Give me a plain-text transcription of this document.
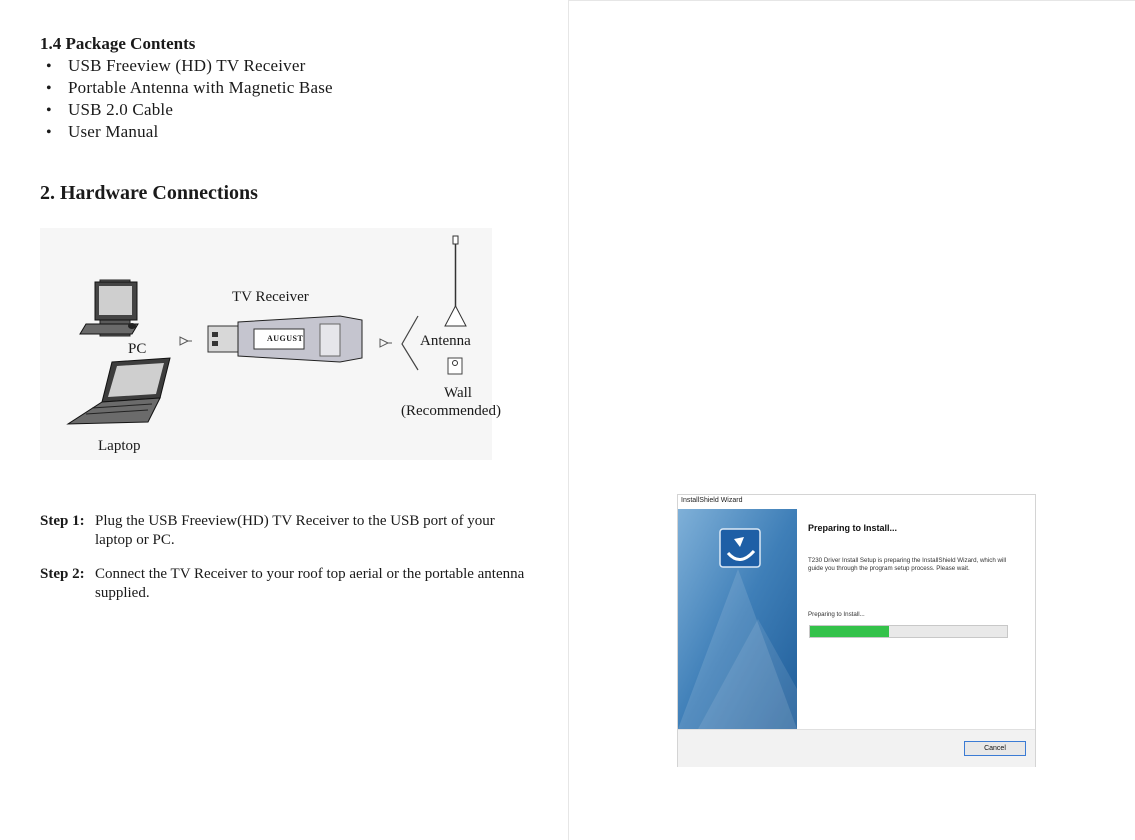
1.4 Package Contents
• USB Freeview (HD) TV Receiver
• Portable Antenna with Magnetic Base
• USB 2.0 Cable
• User Manual
2. Hardware Connections
PC
Laptop
TV Receiver
AUGUST	Antenna
Wall
(Recommended)
Step 1: Plug the USB Freeview(HD) TV Receiver to the USB port of your laptop or PC.
Step 2: Connect the TV Receiver to your roof top aerial or the portable antenna supplied.
InstallShield Wizard
Preparing to Install...
T230 Driver Install Setup is preparing the InstallShield Wizard, which will guide you through the program setup process. Please wait.
Preparing to Install...
Cancel
